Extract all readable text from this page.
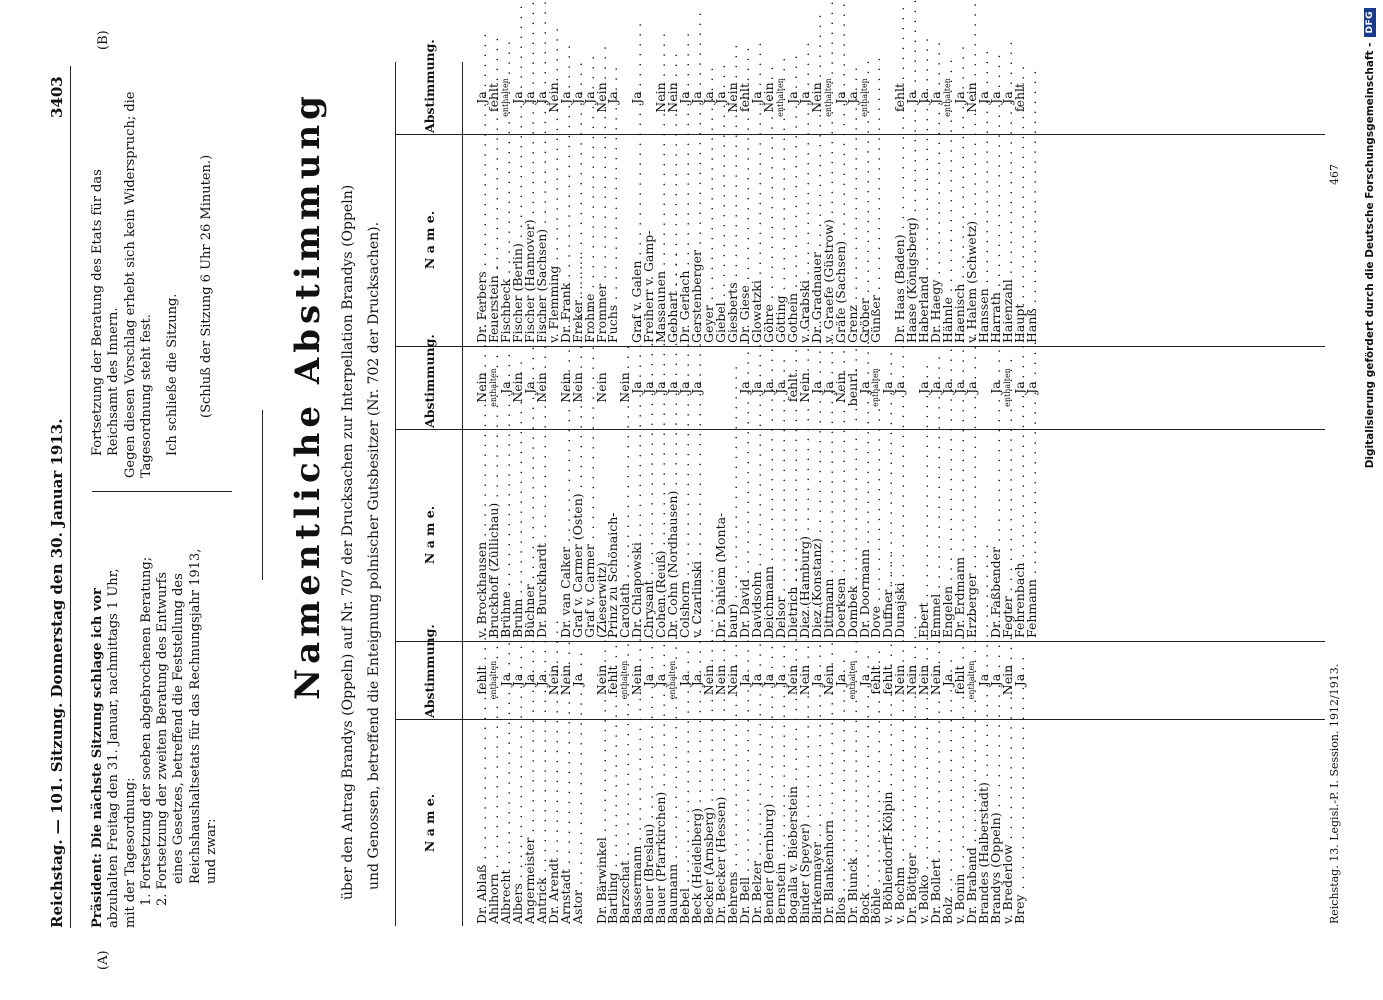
Reichstag. — 101. Sitzung. Donnerstag den 30. Januar 1913.
3403
(A)
(B)
Präsident: Die nächste Sitzung schlage ich vor abzuhalten Freitag den 31. Januar, nachmittags 1 Uhr, mit der Tagesordnung: 1. Fortsetzung der soeben abgebrochenen Beratung; 2. Fortsetzung der zweiten Beratung des Entwurfs eines Gesetzes, betreffend die Feststellung des Reichshaushaltsetats für das Rechnungsjahr 1913, und zwar:
Fortsetzung der Beratung des Etats für das Reichsamt des Innern. Gegen diesen Vorschlag erhebt sich kein Widerspruch; die Tagesordnung steht fest. Ich schließe die Sitzung. (Schluß der Sitzung 6 Uhr 26 Minuten.) Namentliche Abstimmung über den Antrag Brandys (Oppeln) auf Nr. 707 der Drucksachen zur Interpellation Brandys (Oppeln) und Genossen, betreffend die Enteignung polnischer Gutsbesitzer (Nr. 702 der Drucksachen).	N a m e.
Abstimmung.
N a m e.
Abstimmung.
N a m e.
Abstimmung.
Dr. Ablaß . . .
Ahlhorn . . .
Albrecht . . .
Albers . . .
Angermeister . . .
Antrick . . .
Dr. Arendt . . .
Arnstadt . . .
Astor . . .
Dr. Bärwinkel . . .
Bartling . . .
Barzschat . . .
Bassermann . . .
Bauer (Breslau) . . .
Bauer (Pfarrkirchen) . . .
Baumann . . .
Bebel . . .
Beck (Heidelberg) . . .
Becker (Arnsberg) . . .
Dr. Becker (Hessen) . . .
Behrens . . .
Dr. Bell . . .
Dr. Belzer . . .
Bender (Bernburg) . . .
Bernstein . . .
Bogalla v. Bieberstein . . .
Binder (Speyer) . . .
Birkenmayer . . .
Dr. Blankenhorn . . .
Blos . . .
Dr. Blunck . . .
Bock . . .
Böhle . . .
v. Böhlendorff-Kölpin . . .
v. Bochm . . .
Dr. Böttger . . .
v. Bolko . . .
Dr. Bollert . . .
Bolz . . .
v. Bonin . . .
Dr. Braband . . .
Brandes (Halberstadt) . . .
Brandys (Oppeln) . . .
v. Brederlow . . .
Brey . . .
fehlt enthalten Ja
Ja
Ja
Ja
Nein
Nein
Ja
Nein
fehlt enthalten Nein
Ja
Ja enthalten Ja
Ja
Nein
Nein
Nein
Ja
Ja
Ja
Ja
Nein
Nein
Ja
Nein
Ja enthalten Ja
fehlt
fehlt
Nein
Nein
Nein
Nein
Ja
fehlt enthalten Ja
Ja
Nein
Ja
v. Brockhausen . . .
Bruckhoff (Züllichau) . . .
Brühne . . .
Bruhn . . .
Büchner . . .
Dr. Burckhardt . . .
Dr. van Calker . . .
Graf v. Carmer (Osten) . . .
Graf v. Carmer . . .
(Zieserwitz)
Prinz zu Schönaich-
Carolath . . .
Dr. Chlapowski . . .
Chrysant . . .
Cohen (Reuß) . . .
Dr. Cohn (Nordhausen) . . .
Colshorn . . .
v. Czarlinski . . .
Dr. Dahlem (Monta-
baur) . . .
Dr. David . . .
Davidsohn . . .
Deichmann . . .
Delsor . . .
Dietrich . . .
Diez (Hamburg) . . .
Diez (Konstanz) . . .
Dittmann . . .
Doerksen . . .
Dombek . . .
Dr. Doormann . . .
Dove . . .
Duffner . . .
Dunajski . . .
Ebert . . .
Emmel . . .
Engelen . . .
Dr. Erdmann . . .
Erzberger . . .
Dr. Faßbender . . .
Fegter . . .
Fehrenbach . . .
Fehmann . . .
Nein enthalten Ja
Nein
Ja
Nein
Nein
Nein
Nein
Nein
Ja
Ja
Ja
Ja
Ja
Ja

	Ja
Ja
Ja
Ja
fehlt
Nein
Ja
Ja
Nein
beurl.
Ja enthalten Ja
Ja
Ja
Ja
Ja
Ja
Ja
Ja enthalten Ja
Ja
Dr. Ferbers . . .
Feuerstein . . .
Fischbeck . . .
Fischer (Berlin) . . .
Fischer (Hannover) . . .
Fischer (Sachsen) . . .
v. Flemming . . .
Dr. Frank . . .
Freker . . .
Frohme . . .
Frommer . . .
Fuchs . . .
Graf v. Galen . . .
Freiherr v. Gamp-
Massaunen . . .
Gebhart . . .
Dr. Gerlach . . .
Gerstenberger . . .
Geyer . . .
Giebel . . .
Giesberts . . .
Dr. Giese . . .
Glowatzki . . .
Göhre . . .
Götting . . .
Gothein . . .
v. Grabski . . .
Dr. Gradnauer . . .
v. Graefe (Güstrow) . . .
Gräfe (Sachsen) . . .
Grenz . . .
Gröber . . .
Günßer . . .
Dr. Haas (Baden) . . .
Haase (Königsberg) . . .
Haberland . . .
Dr. Haegy . . .
Hähnle . . .
Haenisch . . .
v. Halem (Schwetz) . . .
Hanssen . . .
Harrath . . .
Haienzahl . . .
Haupt . . .
Hanß . . .
Ja
fehlt enthalten Ja
Ja
Ja
Nein
Ja
Ja
Ja
Nein
Ja
Ja
Nein
Nein
Ja
Ja
Ja
Ja
Nein
fehlt
Ja
Nein enthalten Ja
Ja
Nein enthalten Ja
Ja enthalten

fehlt
Ja
Ja
Ja enthalten Ja
Nein
Ja
Ja
Ja
fehlt

Reichstag. 13. Legisl.-P. I. Session. 1912/1913.
467 Digitalisierung gefördert durch die Deutsche Forschungsgemeinschaft -
DFG
